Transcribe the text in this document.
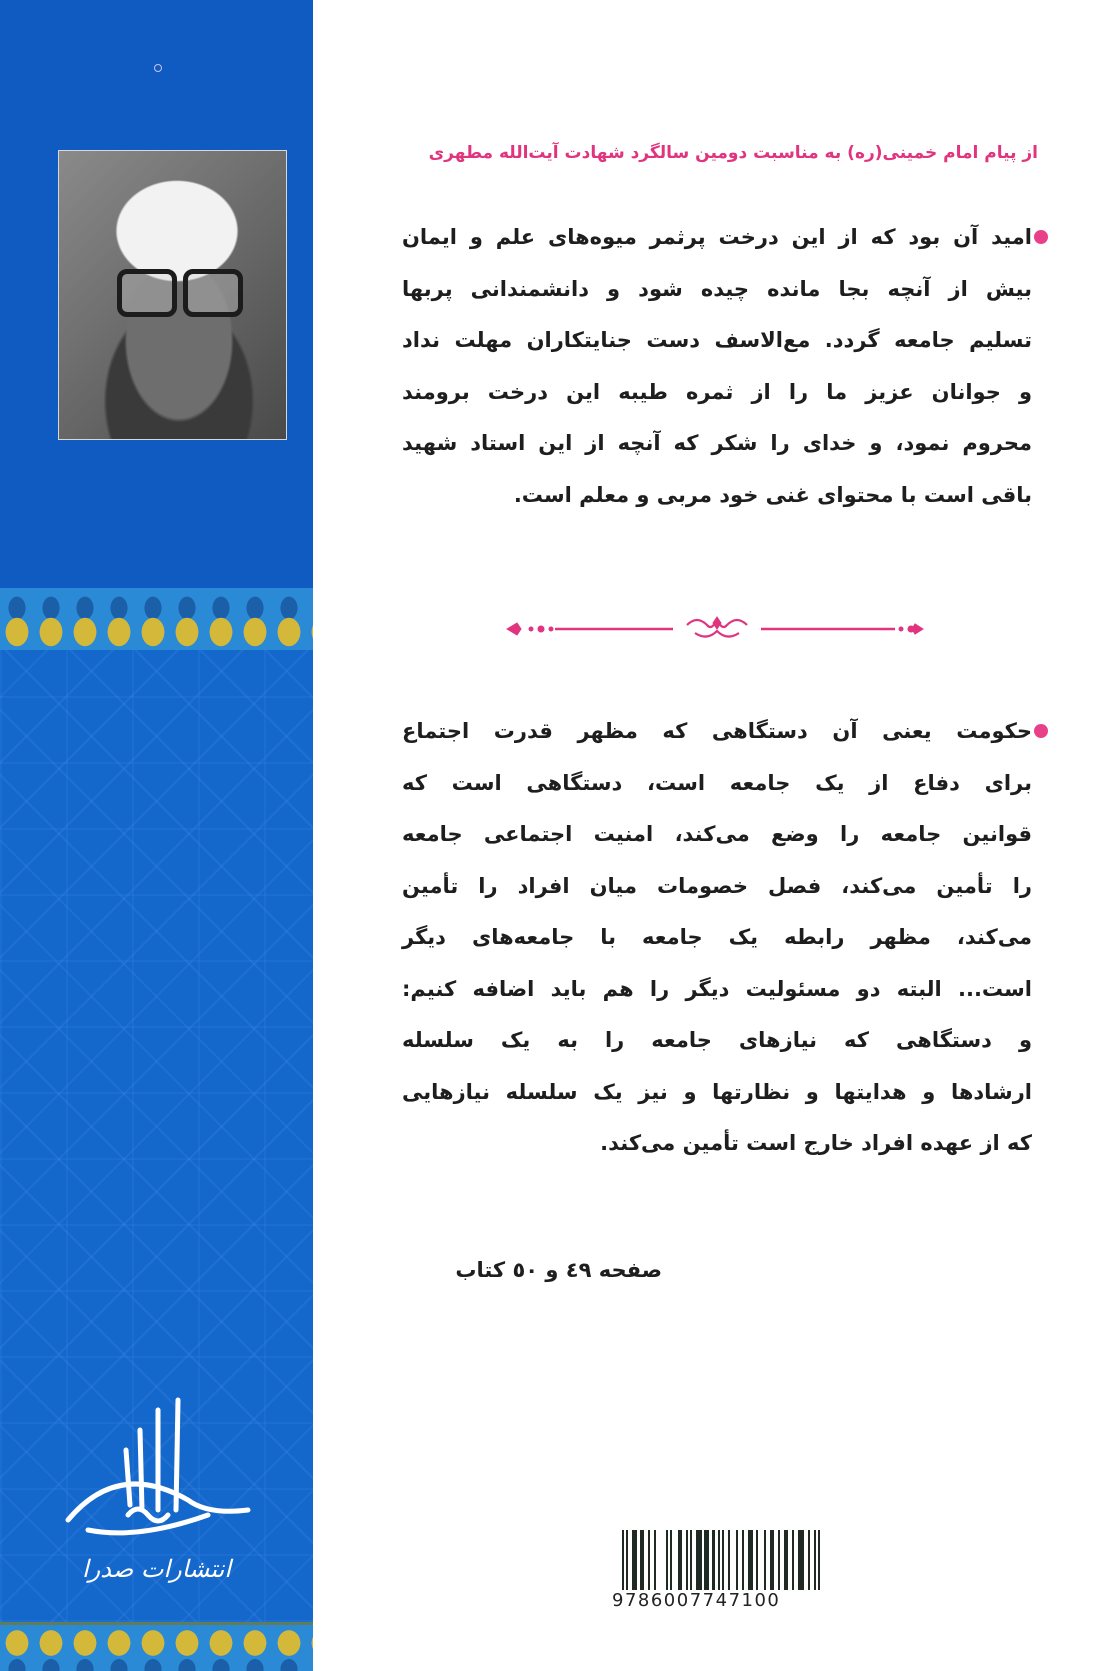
انتشارات صدرا
از پیام امام خمینی(ره) به مناسبت دومین سالگرد شهادت آیت‌الله مطهری
امید آن بود که از این درخت پرثمر میوه‌های علم و ایمان
بیش از آنچه بجا مانده چیده شود و دانشمندانی پربها
تسلیم جامعه گردد. مع‌الاسف دست جنایتکاران مهلت نداد
و جوانان عزیز ما را از ثمره طیبه این درخت برومند
محروم نمود، و خدای را شکر که آنچه از این استاد شهید
باقی است با محتوای غنی خود مربی و معلم است.
حکومت یعنی آن دستگاهی که مظهر قدرت اجتماع
برای دفاع از یک جامعه است، دستگاهی است که
قوانین جامعه را وضع می‌کند، امنیت اجتماعی جامعه
را تأمین می‌کند، فصل خصومات میان افراد را تأمین
می‌کند، مظهر رابطه یک جامعه با جامعه‌های دیگر
است... البته دو مسئولیت دیگر را هم باید اضافه کنیم:
و دستگاهی که نیازهای جامعه را به یک سلسله
ارشادها و هدایتها و نظارتها و نیز یک سلسله نیازهایی
که از عهده افراد خارج است تأمین می‌کند.
صفحه ٤٩ و ٥٠ کتاب
9786007747100
